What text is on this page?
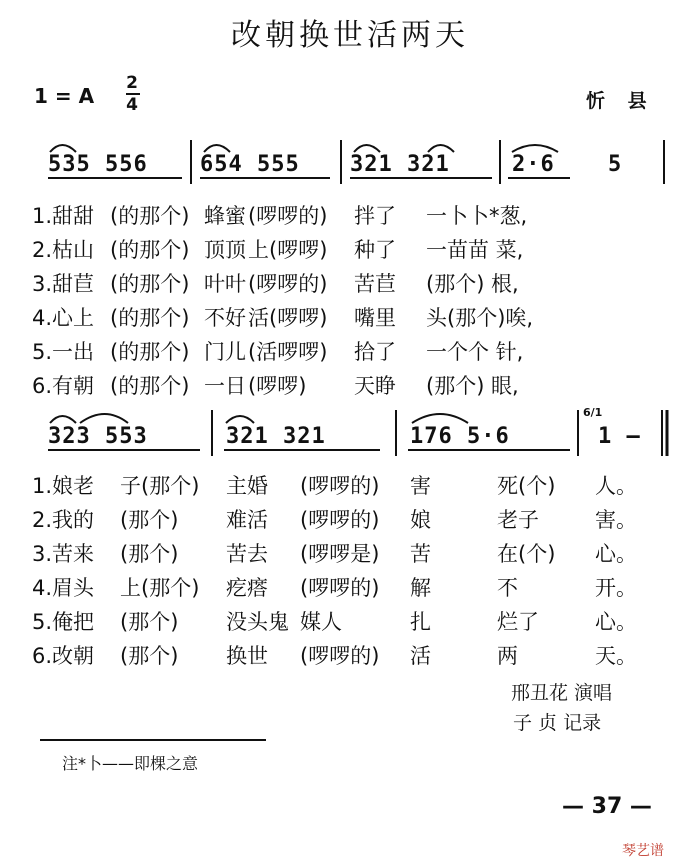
改朝换世活两天
1 = A
2
4	忻 县
535 556 654 555 321 321	2·6 5
1.甜甜 (的那个) 蜂蜜 (啰啰的) 拌了 一卜卜*葱,
2.枯山 (的那个) 顶顶 上(啰啰) 种了 一苗苗 菜,
3.甜苣 (的那个) 叶叶 (啰啰的) 苦苣 (那个) 根,
4.心上 (的那个) 不好 活(啰啰) 嘴里 头(那个)唉,
5.一出 (的那个) 门儿 (活啰啰) 拾了 一个个 针,
6.有朝 (的那个) 一日 (啰啰) 天睁 (那个) 眼,
323 553	321 321	176 5·6
6/1
1 —
1.娘老 子(那个) 主婚 (啰啰的) 害	死(个) 人。
2.我的 (那个) 难活 (啰啰的) 娘	老子	害。
3.苦来 (那个) 苦去 (啰啰是) 苦	在(个) 心。
4.眉头 上(那个) 疙瘩 (啰啰的) 解	不	开。
5.俺把 (那个) 没头鬼 媒人	扎	烂了	心。
6.改朝 (那个) 换世 (啰啰的) 活	两	天。
邢丑花 演唱
子 贞 记录
注*卜——即棵之意
— 37 —
琴艺谱
